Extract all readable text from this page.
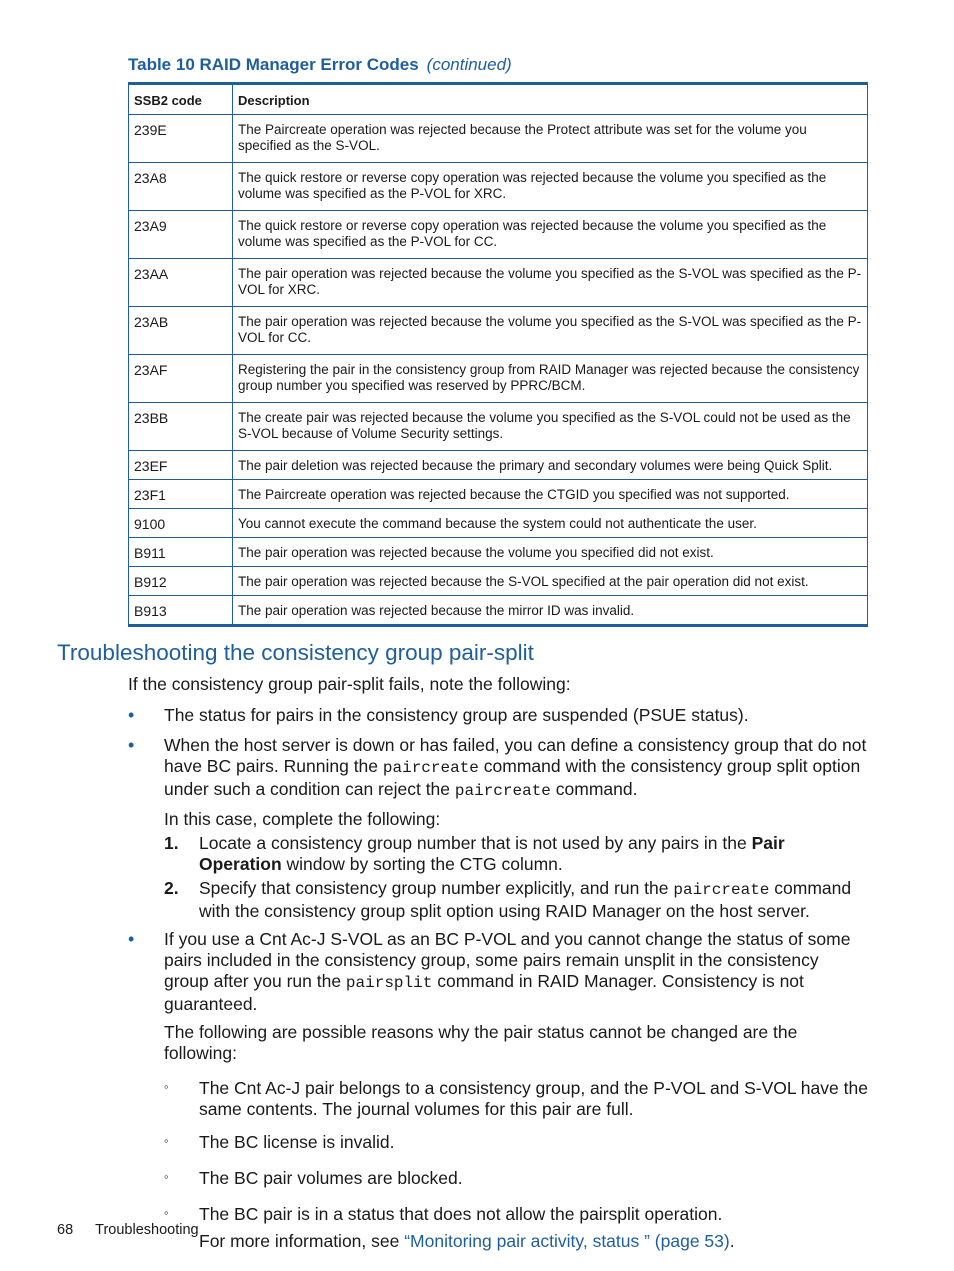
Table 10 RAID Manager Error Codes (continued)
SSB2 code	Description
239E	The Paircreate operation was rejected because the Protect attribute was set for the volume you specified as the S-VOL.
23A8	The quick restore or reverse copy operation was rejected because the volume you specified as the volume was specified as the P-VOL for XRC.
23A9	The quick restore or reverse copy operation was rejected because the volume you specified as the volume was specified as the P-VOL for CC.
23AA	The pair operation was rejected because the volume you specified as the S-VOL was specified as the P-VOL for XRC.
23AB	The pair operation was rejected because the volume you specified as the S-VOL was specified as the P-VOL for CC.
23AF	Registering the pair in the consistency group from RAID Manager was rejected because the consistency group number you specified was reserved by PPRC/BCM.
23BB	The create pair was rejected because the volume you specified as the S-VOL could not be used as the S-VOL because of Volume Security settings.
23EF	The pair deletion was rejected because the primary and secondary volumes were being Quick Split.
23F1	The Paircreate operation was rejected because the CTGID you specified was not supported.
9100	You cannot execute the command because the system could not authenticate the user.
B911	The pair operation was rejected because the volume you specified did not exist.
B912	The pair operation was rejected because the S-VOL specified at the pair operation did not exist.
B913	The pair operation was rejected because the mirror ID was invalid.
Troubleshooting the consistency group pair-split

If the consistency group pair-split fails, note the following:

• The status for pairs in the consistency group are suspended (PSUE status).

• When the host server is down or has failed, you can define a consistency group that do not have BC pairs. Running the paircreate command with the consistency group split option under such a condition can reject the paircreate command.

In this case, complete the following:

1. Locate a consistency group number that is not used by any pairs in the Pair Operation window by sorting the CTG column.

2. Specify that consistency group number explicitly, and run the paircreate command with the consistency group split option using RAID Manager on the host server.

• If you use a Cnt Ac-J S-VOL as an BC P-VOL and you cannot change the status of some pairs included in the consistency group, some pairs remain unsplit in the consistency group after you run the pairsplit command in RAID Manager. Consistency is not guaranteed.

The following are possible reasons why the pair status cannot be changed are the following:

◦ The Cnt Ac-J pair belongs to a consistency group, and the P-VOL and S-VOL have the same contents. The journal volumes for this pair are full.

◦ The BC license is invalid.

◦ The BC pair volumes are blocked.

◦ The BC pair is in a status that does not allow the pairsplit operation.

For more information, see “Monitoring pair activity, status ” (page 53).

68 Troubleshooting
